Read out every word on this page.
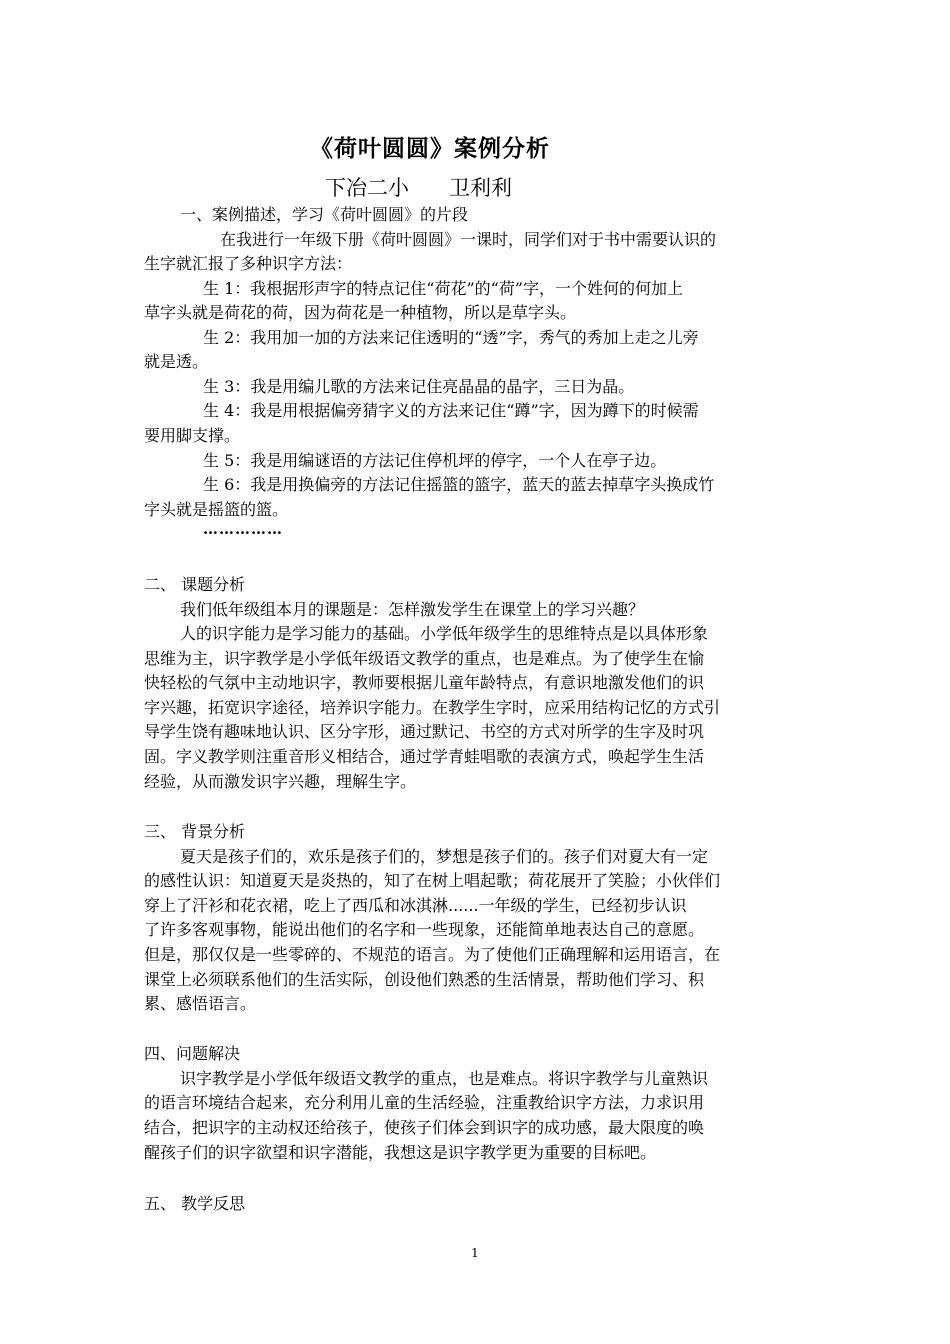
《荷叶圆圆》案例分析
下冶二小      卫利利
一、案例描述，学习《荷叶圆圆》的片段
在我进行一年级下册《荷叶圆圆》一课时，同学们对于书中需要认识的
生字就汇报了多种识字方法：
生 1：我根据形声字的特点记住“荷花”的“荷”字，一个姓何的何加上
草字头就是荷花的荷，因为荷花是一种植物，所以是草字头。
生 2：我用加一加的方法来记住透明的“透”字，秀气的秀加上走之儿旁
就是透。
生 3：我是用编儿歌的方法来记住亮晶晶的晶字，三日为晶。
生 4：我是用根据偏旁猜字义的方法来记住“蹲”字，因为蹲下的时候需
要用脚支撑。
生 5：我是用编谜语的方法记住停机坪的停字，一个人在亭子边。
生 6：我是用换偏旁的方法记住摇篮的篮字，蓝天的蓝去掉草字头换成竹
字头就是摇篮的篮。
……………
二、 课题分析
我们低年级组本月的课题是：怎样激发学生在课堂上的学习兴趣？
人的识字能力是学习能力的基础。小学低年级学生的思维特点是以具体形象
思维为主，识字教学是小学低年级语文教学的重点，也是难点。为了使学生在愉
快轻松的气氛中主动地识字，教师要根据儿童年龄特点，有意识地激发他们的识
字兴趣，拓宽识字途径，培养识字能力。在教学生字时，应采用结构记忆的方式引
导学生饶有趣味地认识、区分字形，通过默记、书空的方式对所学的生字及时巩
固。字义教学则注重音形义相结合，通过学青蛙唱歌的表演方式，唤起学生生活
经验，从而激发识字兴趣，理解生字。
三、 背景分析
夏天是孩子们的，欢乐是孩子们的，梦想是孩子们的。孩子们对夏大有一定
的感性认识：知道夏天是炎热的，知了在树上唱起歌；荷花展开了笑脸；小伙伴们
穿上了汗衫和花衣裙，吃上了西瓜和冰淇淋......一年级的学生，已经初步认识
了许多客观事物，能说出他们的名字和一些现象，还能简单地表达自己的意愿。
但是，那仅仅是一些零碎的、不规范的语言。为了使他们正确理解和运用语言，在
课堂上必须联系他们的生活实际，创设他们熟悉的生活情景，帮助他们学习、积
累、感悟语言。
四、问题解决
识字教学是小学低年级语文教学的重点，也是难点。将识字教学与儿童熟识
的语言环境结合起来，充分利用儿童的生活经验，注重教给识字方法，力求识用
结合，把识字的主动权还给孩子，使孩子们体会到识字的成功感，最大限度的唤
醒孩子们的识字欲望和识字潜能，我想这是识字教学更为重要的目标吧。
五、 教学反思
1
